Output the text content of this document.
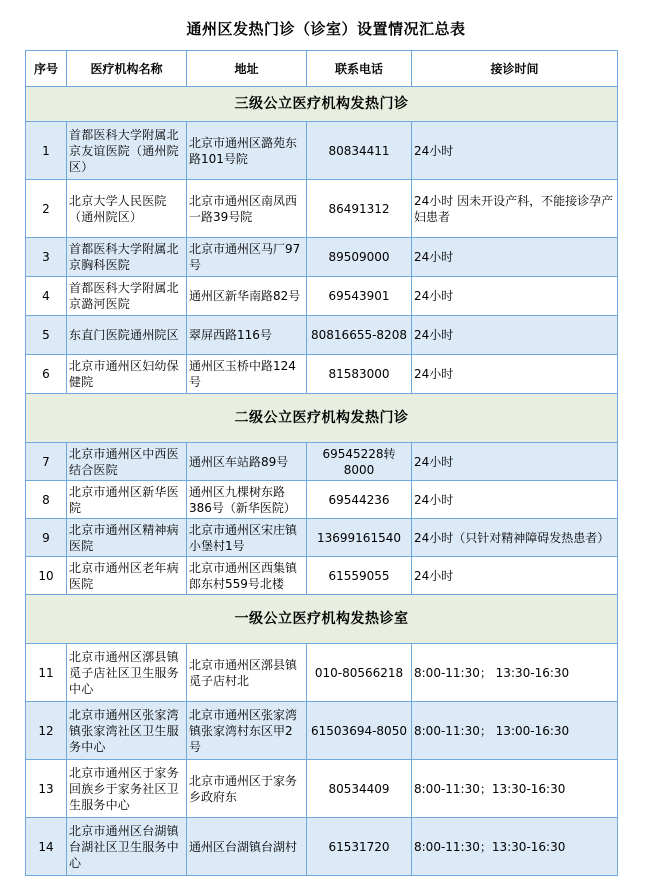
通州区发热门诊（诊室）设置情况汇总表
序号	医疗机构名称	地址	联系电话	接诊时间
三级公立医疗机构发热门诊				
1	首都医科大学附属北京友谊医院（通州院区）	北京市通州区潞苑东路101号院	80834411	24小时
2	北京大学人民医院（通州院区）	北京市通州区南凤西一路39号院	86491312	24小时 因未开设产科，不能接诊孕产妇患者
3	首都医科大学附属北京胸科医院	北京市通州区马厂97号	89509000	24小时
4	首都医科大学附属北京潞河医院	通州区新华南路82号	69543901	24小时
5	东直门医院通州院区	翠屏西路116号	80816655-8208	24小时
6	北京市通州区妇幼保健院	通州区玉桥中路124号	81583000	24小时
二级公立医疗机构发热门诊				
7	北京市通州区中西医结合医院	通州区车站路89号	69545228转8000	24小时
8	北京市通州区新华医院	通州区九棵树东路386号（新华医院）	69544236	24小时
9	北京市通州区精神病医院	北京市通州区宋庄镇小堡村1号	13699161540	24小时（只针对精神障碍发热患者）
10	北京市通州区老年病医院	北京市通州区西集镇郎东村559号北楼	61559055	24小时
一级公立医疗机构发热诊室				
11	北京市通州区漷县镇觅子店社区卫生服务中心	北京市通州区漷县镇觅子店村北	010-80566218	8:00-11:30； 13:30-16:30
12	北京市通州区张家湾镇张家湾社区卫生服务中心	北京市通州区张家湾镇张家湾村东区甲2号	61503694-8050	8:00-11:30； 13:00-16:30
13	北京市通州区于家务回族乡于家务社区卫生服务中心	北京市通州区于家务乡政府东	80534409	8:00-11:30；13:30-16:30
14	北京市通州区台湖镇台湖社区卫生服务中心	通州区台湖镇台湖村	61531720	8:00-11:30；13:30-16:30
